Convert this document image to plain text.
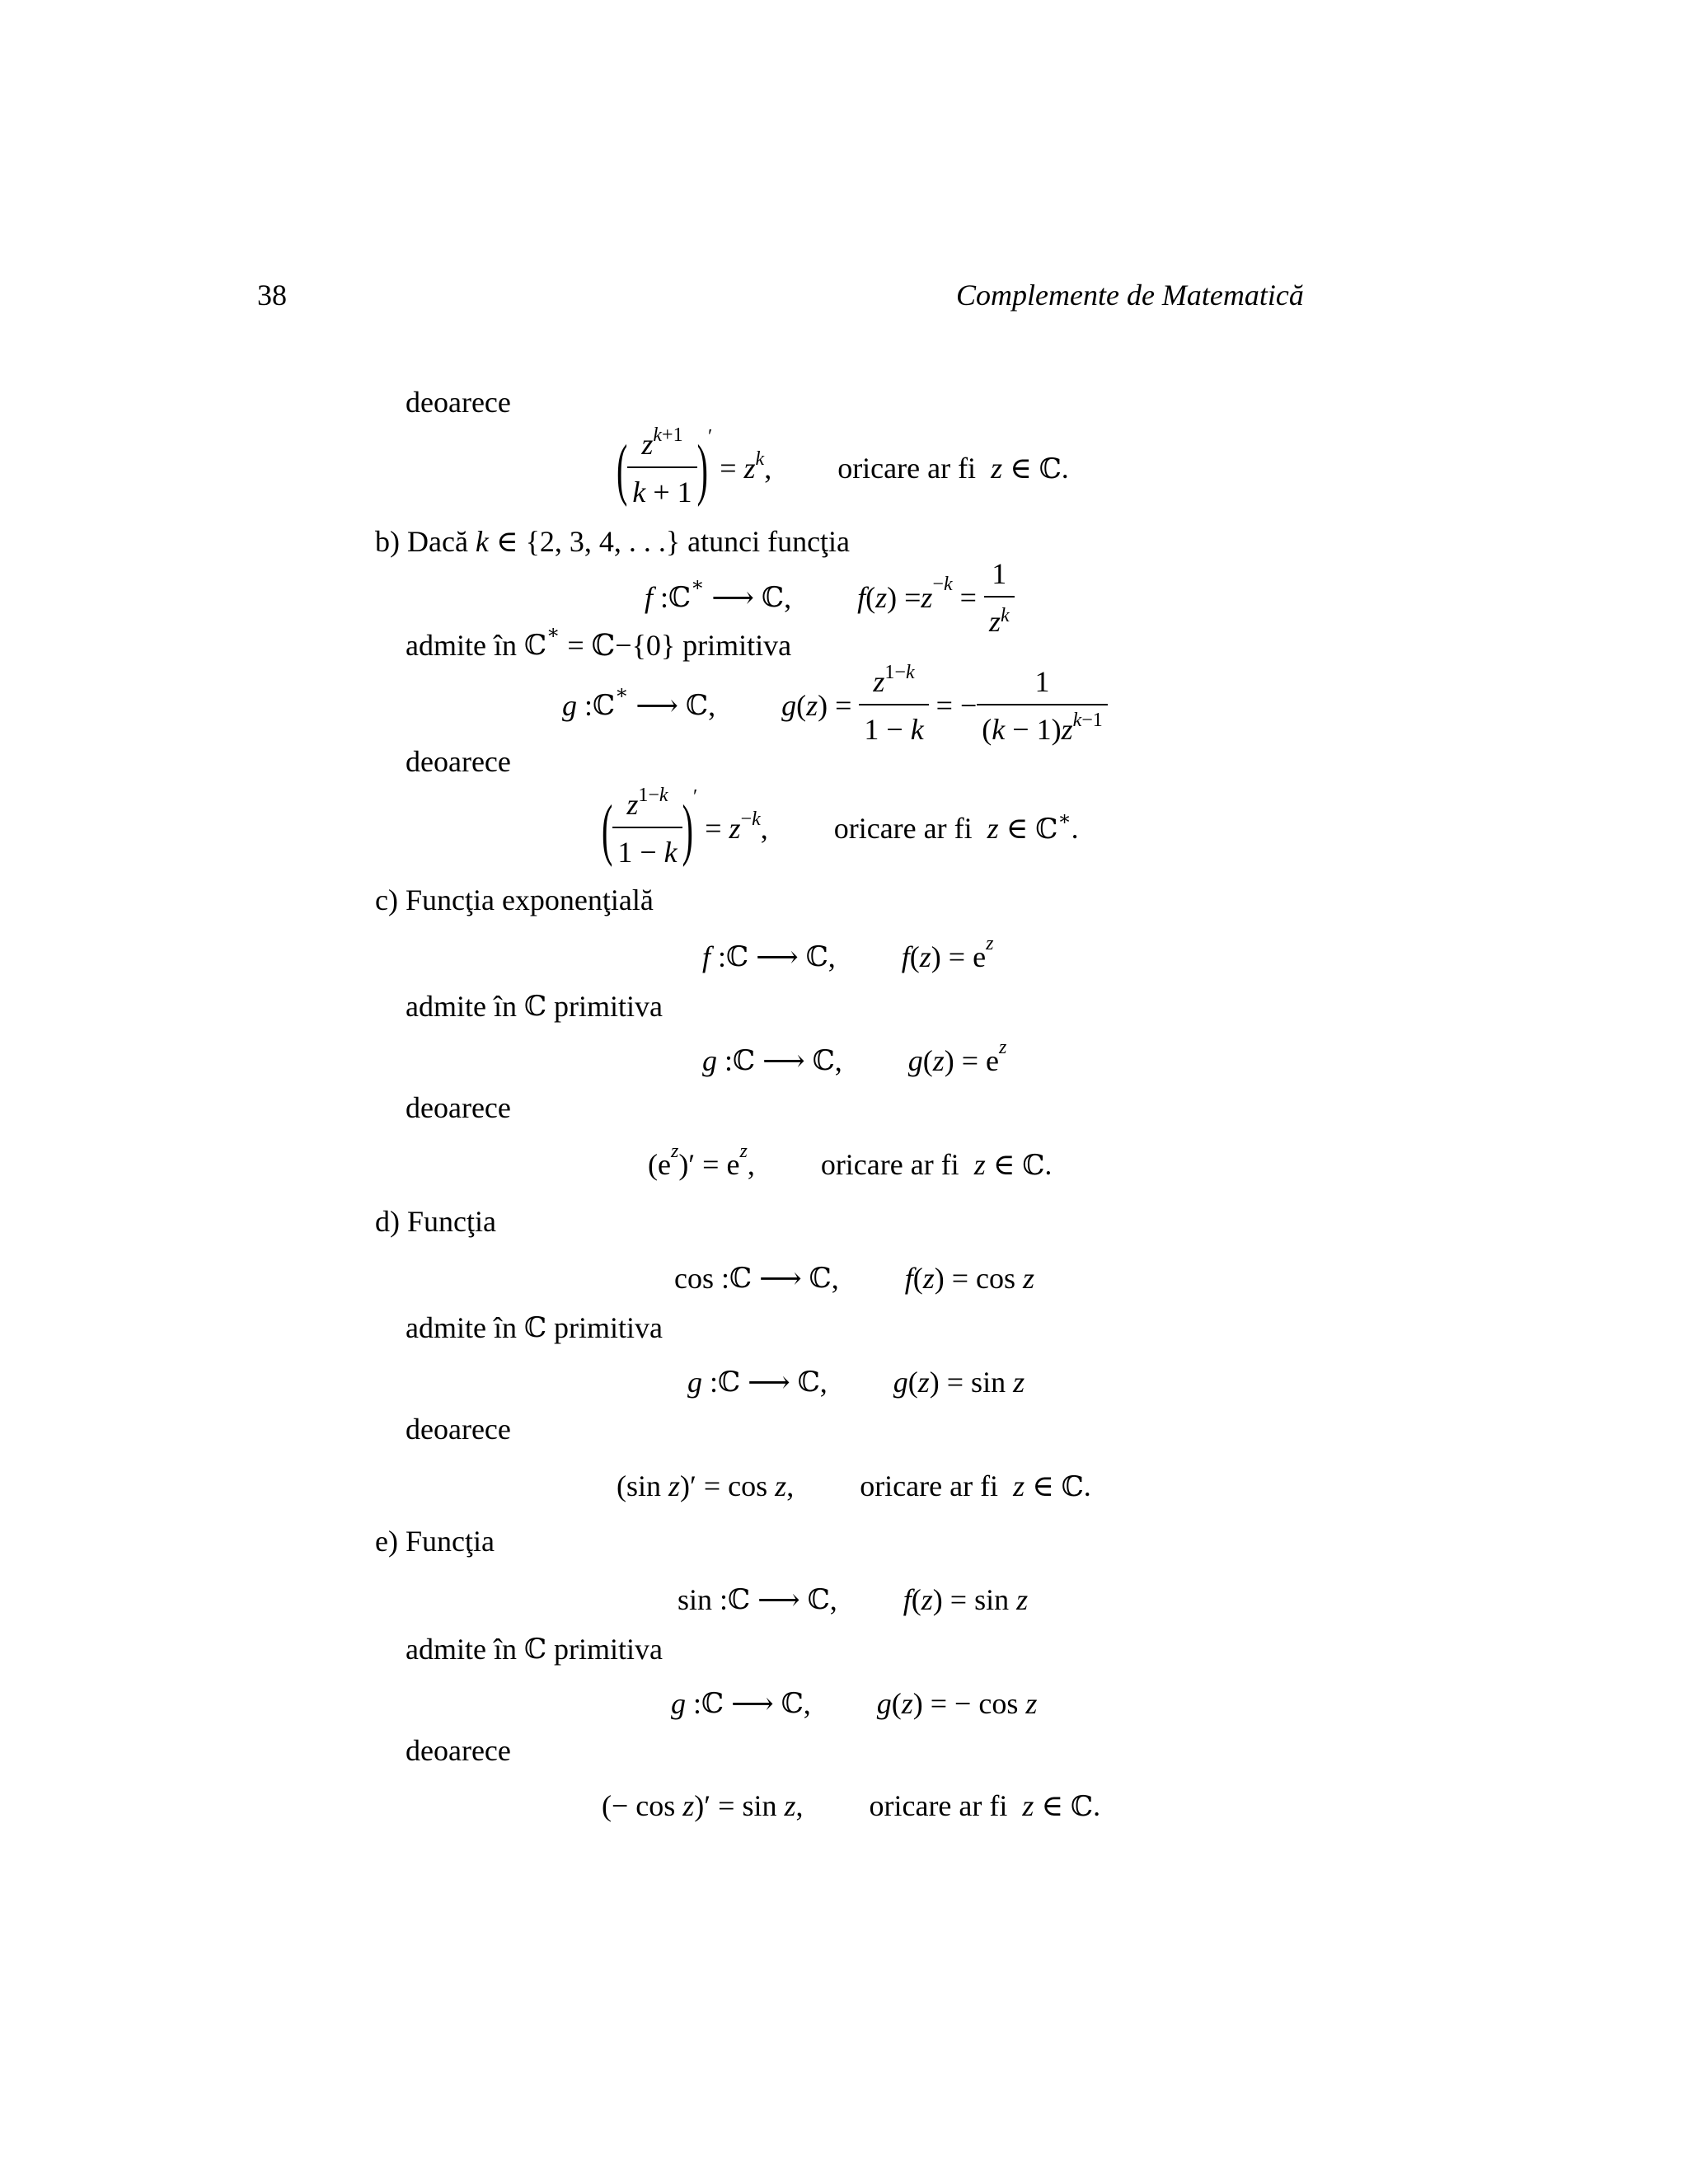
38	Complemente de Matematică
deoarece
( $\frac{z^{k+1}}{k + 1} )'$
= $z^k$, oricare ar fi z ∈ ℂ.
b) Dacă
k ∈ {2, 3, 4, . . .}
atunci funcţia
f : ℂ∗ ⟶ ℂ , f ( z ) = $z^{-k} = \frac{1}{z^k}$
admite în
ℂ∗
= ℂ−{0}
primitiva
g : ℂ∗ ⟶ ℂ , g ( z ) = $\frac{z^{1-k}}{1 - k}$ = − $\frac{1}{(k - 1)z^{k-1}}$
deoarece
( $\frac{z^{1-k}}{1 - k} )'$
= $z^{-k}$, oricare ar fi z ∈ ℂ∗.
c) Funcţia exponenţială
f : ℂ ⟶ ℂ , f ( z ) = $e^z$
admite în
ℂ
primitiva
g : ℂ ⟶ ℂ , g ( z ) = $e^z$
deoarece
($e^z$ )′ = $e^z$ , oricare ar fi z ∈ ℂ.
d) Funcţia
cos : ℂ ⟶ ℂ , f ( z ) = cos z
admite în
ℂ
primitiva
g : ℂ ⟶ ℂ , g ( z ) = sin z
deoarece
(sin z )′ = cos z , oricare ar fi z ∈ ℂ.
e) Funcţia
sin : ℂ ⟶ ℂ , f ( z ) = sin z
admite în
ℂ
primitiva
g : ℂ ⟶ ℂ , g ( z ) = − cos z
deoarece
(− cos z )′ = sin z , oricare ar fi z ∈ ℂ.
